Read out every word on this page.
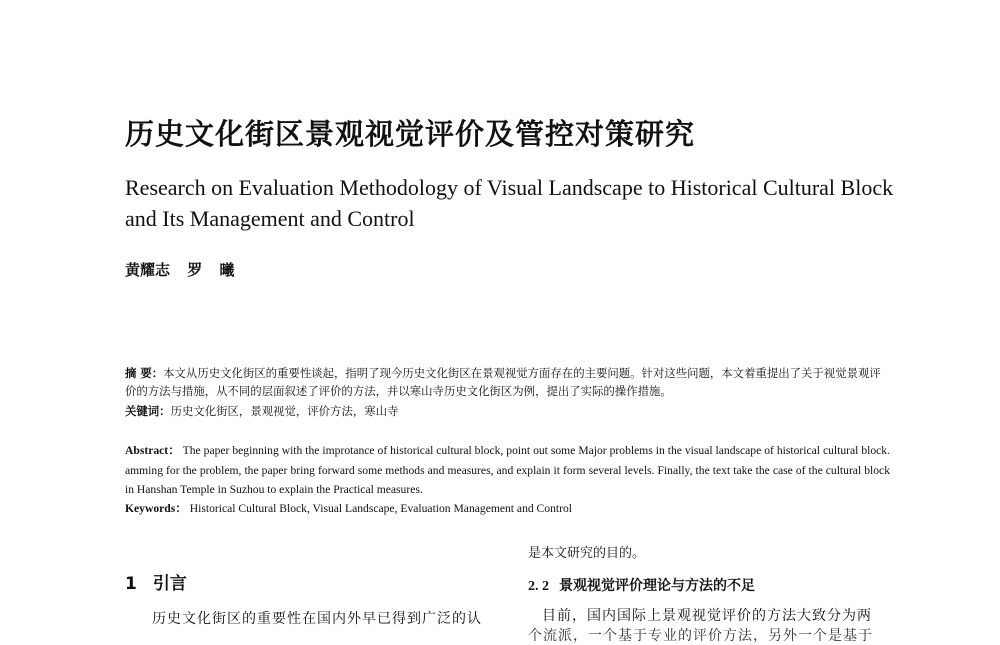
历史文化街区景观视觉评价及管控对策研究
Research on Evaluation Methodology of Visual Landscape to Historical Cultural Block and Its Management and Control
黄耀志 罗 曦
摘 要：本文从历史文化街区的重要性谈起，指明了现今历史文化街区在景观视觉方面存在的主要问题。针对这些问题，本文着重提出了关于视觉景观评价的方法与措施，从不同的层面叙述了评价的方法，并以寒山寺历史文化街区为例，提出了实际的操作措施。
关键词：历史文化街区，景观视觉，评价方法，寒山寺
Abstract： The paper beginning with the improtance of historical cultural block, point out some Major problems in the visual landscape of historical cultural block. amming for the problem, the paper bring forward some methods and measures, and explain it form several levels. Finally, the text take the case of the cultural block in Hanshan Temple in Suzhou to explain the Practical measures.
Keywords： Historical Cultural Block, Visual Landscape, Evaluation Management and Control
1 引言
历史文化街区的重要性在国内外早已得到广泛的认
是本文研究的目的。
2. 2 景观视觉评价理论与方法的不足
目前，国内国际上景观视觉评价的方法大致分为两
个流派，一个基于专业的评价方法，另外一个是基于
